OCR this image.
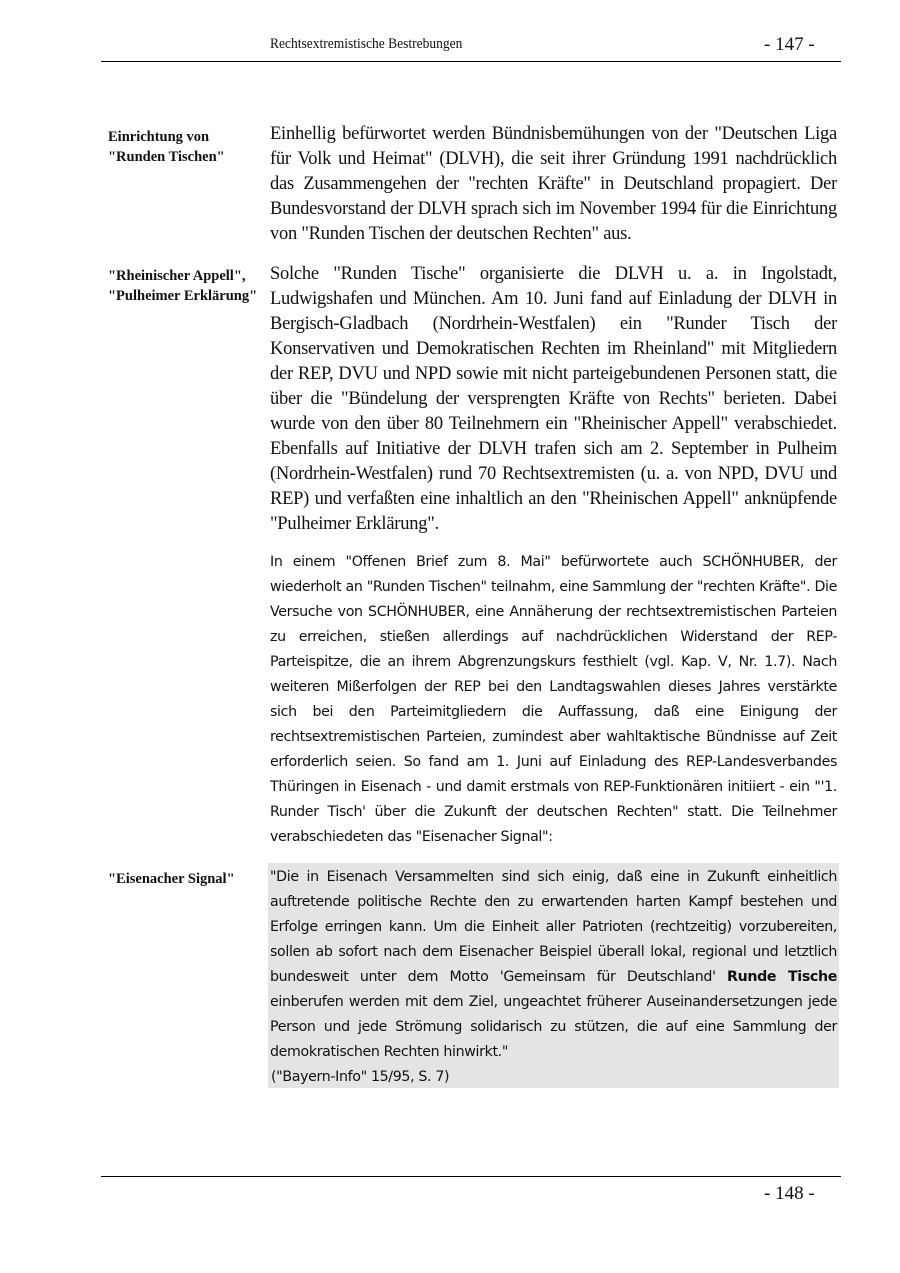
Rechtsextremistische Bestrebungen	- 147 -
Einrichtung von "Runden Tischen"
Einhellig befürwortet werden Bündnisbemühungen von der "Deutschen Liga für Volk und Heimat" (DLVH), die seit ihrer Gründung 1991 nachdrücklich das Zusammengehen der "rechten Kräfte" in Deutschland propagiert. Der Bundesvorstand der DLVH sprach sich im November 1994 für die Einrichtung von "Runden Tischen der deutschen Rechten" aus.
"Rheinischer Appell", "Pulheimer Erklärung"
Solche "Runden Tische" organisierte die DLVH u. a. in Ingolstadt, Ludwigshafen und München. Am 10. Juni fand auf Einladung der DLVH in Bergisch-Gladbach (Nordrhein-Westfalen) ein "Runder Tisch der Konservativen und Demokratischen Rechten im Rheinland" mit Mitgliedern der REP, DVU und NPD sowie mit nicht parteigebundenen Personen statt, die über die "Bündelung der versprengten Kräfte von Rechts" berieten. Dabei wurde von den über 80 Teilnehmern ein "Rheinischer Appell" verabschiedet. Ebenfalls auf Initiative der DLVH trafen sich am 2. September in Pulheim (Nordrhein-Westfalen) rund 70 Rechtsextremisten (u. a. von NPD, DVU und REP) und verfaßten eine inhaltlich an den "Rheinischen Appell" anknüpfende "Pulheimer Erklärung".
In einem "Offenen Brief zum 8. Mai" befürwortete auch SCHÖNHUBER, der wiederholt an "Runden Tischen" teilnahm, eine Sammlung der "rechten Kräfte". Die Versuche von SCHÖNHUBER, eine Annäherung der rechtsextremistischen Parteien zu erreichen, stießen allerdings auf nachdrücklichen Widerstand der REP-Parteispitze, die an ihrem Abgrenzungskurs festhielt (vgl. Kap. V, Nr. 1.7). Nach weiteren Mißerfolgen der REP bei den Landtagswahlen dieses Jahres verstärkte sich bei den Parteimitgliedern die Auffassung, daß eine Einigung der rechtsextremistischen Parteien, zumindest aber wahltaktische Bündnisse auf Zeit erforderlich seien. So fand am 1. Juni auf Einladung des REP-Landesverbandes Thüringen in Eisenach - und damit erstmals von REP-Funktionären initiiert - ein "'1. Runder Tisch' über die Zukunft der deutschen Rechten" statt. Die Teilnehmer verabschiedeten das "Eisenacher Signal":
"Eisenacher Signal"	"Die in Eisenach Versammelten sind sich einig, daß eine in Zukunft einheitlich auftretende politische Rechte den zu erwartenden harten Kampf bestehen und Erfolge erringen kann. Um die Einheit aller Patrioten (rechtzeitig) vorzubereiten, sollen ab sofort nach dem Eisenacher Beispiel überall lokal, regional und letztlich bundesweit unter dem Motto 'Gemeinsam für Deutschland' Runde Tische einberufen werden mit dem Ziel, ungeachtet früherer Auseinandersetzungen jede Person und jede Strömung solidarisch zu stützen, die auf eine Sammlung der demokratischen Rechten hinwirkt."
("Bayern-Info" 15/95, S. 7)
- 148 -
